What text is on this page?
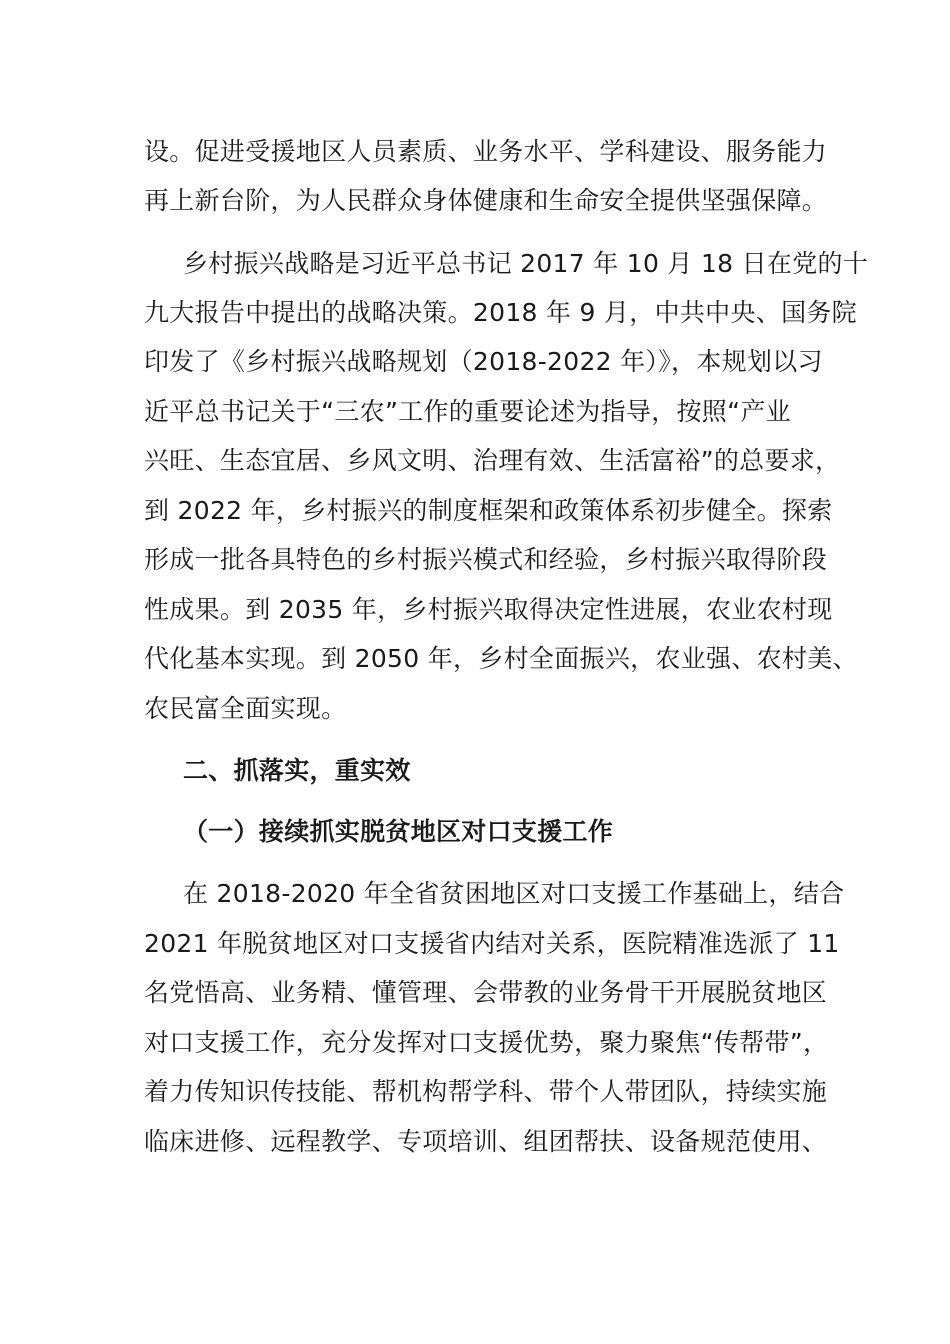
设。促进受援地区人员素质、业务水平、学科建设、服务能力
再上新台阶，为人民群众身体健康和生命安全提供坚强保障。
乡村振兴战略是习近平总书记 2017 年 10 月 18 日在党的十
九大报告中提出的战略决策。2018 年 9 月，中共中央、国务院
印发了《乡村振兴战略规划（2018-2022 年）》，本规划以习
近平总书记关于“三农”工作的重要论述为指导，按照“产业
兴旺、生态宜居、乡风文明、治理有效、生活富裕”的总要求，
到 2022 年，乡村振兴的制度框架和政策体系初步健全。探索
形成一批各具特色的乡村振兴模式和经验，乡村振兴取得阶段
性成果。到 2035 年，乡村振兴取得决定性进展，农业农村现
代化基本实现。到 2050 年，乡村全面振兴，农业强、农村美、
农民富全面实现。
二、抓落实，重实效
（一）接续抓实脱贫地区对口支援工作
在 2018-2020 年全省贫困地区对口支援工作基础上，结合
2021 年脱贫地区对口支援省内结对关系，医院精准选派了 11
名党悟高、业务精、懂管理、会带教的业务骨干开展脱贫地区
对口支援工作，充分发挥对口支援优势，聚力聚焦“传帮带”，
着力传知识传技能、帮机构帮学科、带个人带团队，持续实施
临床进修、远程教学、专项培训、组团帮扶、设备规范使用、
